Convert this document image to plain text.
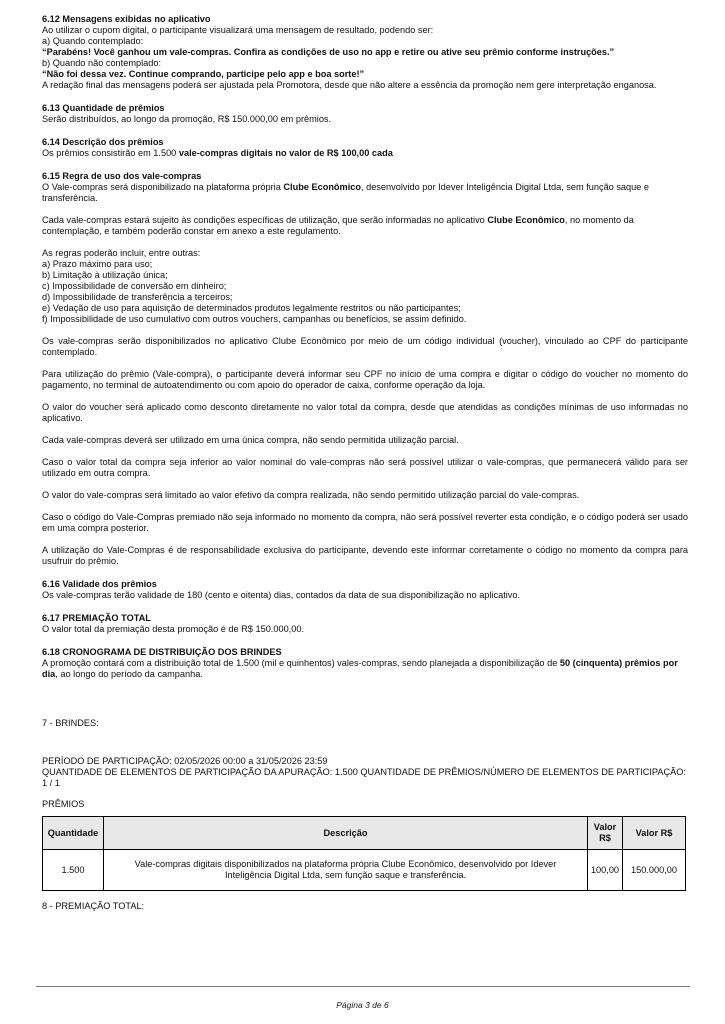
6.12 Mensagens exibidas no aplicativo

Ao utilizar o cupom digital, o participante visualizará uma mensagem de resultado, podendo ser:

a) Quando contemplado:

“Parabéns! Você ganhou um vale-compras. Confira as condições de uso no app e retire ou ative seu prêmio conforme instruções.”

b) Quando não contemplado:

“Não foi dessa vez. Continue comprando, participe pelo app e boa sorte!”

A redação final das mensagens poderá ser ajustada pela Promotora, desde que não altere a essência da promoção nem gere interpretação enganosa.

6.13 Quantidade de prêmios

Serão distribuídos, ao longo da promoção, R$ 150.000,00 em prêmios.

6.14 Descrição dos prêmios

Os prêmios consistirão em 1.500 vale-compras digitais no valor de R$ 100,00 cada

6.15 Regra de uso dos vale-compras

O Vale-compras será disponibilizado na plataforma própria Clube Econômico, desenvolvido por Idever Inteligência Digital Ltda, sem função saque e transferência.

Cada vale-compras estará sujeito às condições específicas de utilização, que serão informadas no aplicativo Clube Econômico, no momento da contemplação, e também poderão constar em anexo a este regulamento.

As regras poderão incluir, entre outras:

a) Prazo máximo para uso;

b) Limitação à utilização única;

c) Impossibilidade de conversão em dinheiro;

d) Impossibilidade de transferência a terceiros;

e) Vedação de uso para aquisição de determinados produtos legalmente restritos ou não participantes;

f) Impossibilidade de uso cumulativo com outros vouchers, campanhas ou benefícios, se assim definido.

Os vale-compras serão disponibilizados no aplicativo Clube Econômico por meio de um código individual (voucher), vinculado ao CPF do participante contemplado.

Para utilização do prêmio (Vale-compra), o participante deverá informar seu CPF no início de uma compra e digitar o código do voucher no momento do pagamento, no terminal de autoatendimento ou com apoio do operador de caixa, conforme operação da loja.

O valor do voucher será aplicado como desconto diretamente no valor total da compra, desde que atendidas as condições mínimas de uso informadas no aplicativo.

Cada vale-compras deverá ser utilizado em uma única compra, não sendo permitida utilização parcial.

Caso o valor total da compra seja inferior ao valor nominal do vale-compras não será possível utilizar o vale-compras, que permanecerá válido para ser utilizado em outra compra.

O valor do vale-compras será limitado ao valor efetivo da compra realizada, não sendo permitido utilização parcial do vale-compras.

Caso o código do Vale-Compras premiado não seja informado no momento da compra, não será possível reverter esta condição, e o código poderá ser usado em uma compra posterior.

A utilização do Vale-Compras é de responsabilidade exclusiva do participante, devendo este informar corretamente o código no momento da compra para usufruir do prêmio.

6.16 Validade dos prêmios

Os vale-compras terão validade de 180 (cento e oitenta) dias, contados da data de sua disponibilização no aplicativo.

6.17 PREMIAÇÃO TOTAL

O valor total da premiação desta promoção é de R$ 150.000,00.

6.18 CRONOGRAMA DE DISTRIBUIÇÃO DOS BRINDES

A promoção contará com a distribuição total de 1.500 (mil e quinhentos) vales-compras, sendo planejada a disponibilização de 50 (cinquenta) prêmios por dia, ao longo do período da campanha.

7 - BRINDES:

PERÍODO DE PARTICIPAÇÃO: 02/05/2026 00:00 a 31/05/2026 23:59

QUANTIDADE DE ELEMENTOS DE PARTICIPAÇÃO DA APURAÇÃO: 1.500 QUANTIDADE DE PRÊMIOS/NÚMERO DE ELEMENTOS DE PARTICIPAÇÃO: 1 / 1

PRÊMIOS

Quantidade	Descrição	Valor R$	Valor R$
1.500	Vale-compras digitais disponibilizados na plataforma própria Clube Econômico, desenvolvido por Idever Inteligência Digital Ltda, sem função saque e transferência.	100,00	150.000,00

8 - PREMIAÇÃO TOTAL:

Página 3 de 6
